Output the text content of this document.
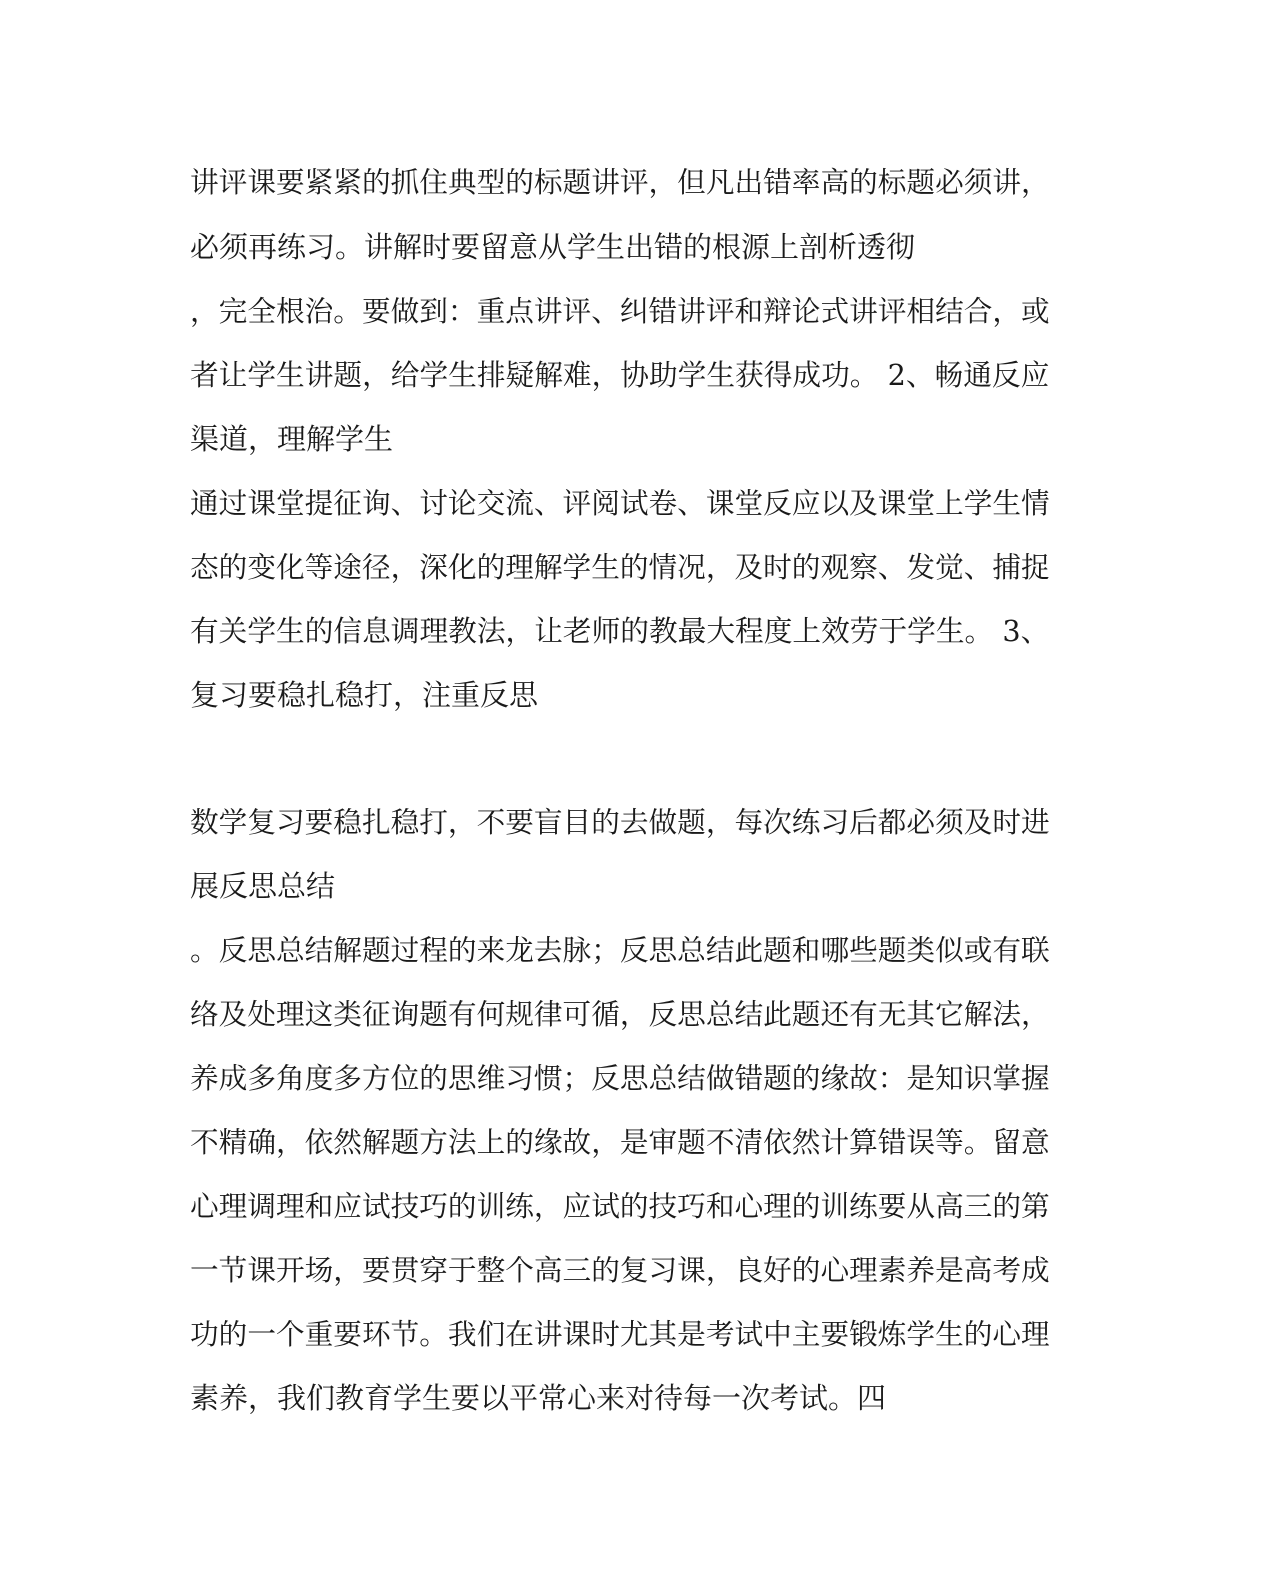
讲评课要紧紧的抓住典型的标题讲评，但凡出错率高的标题必须讲，
必须再练习。讲解时要留意从学生出错的根源上剖析透彻
，完全根治。要做到：重点讲评、纠错讲评和辩论式讲评相结合，或
者让学生讲题，给学生排疑解难，协助学生获得成功。 2、畅通反应
渠道，理解学生
通过课堂提征询、讨论交流、评阅试卷、课堂反应以及课堂上学生情
态的变化等途径，深化的理解学生的情况，及时的观察、发觉、捕捉
有关学生的信息调理教法，让老师的教最大程度上效劳于学生。 3、
复习要稳扎稳打，注重反思
数学复习要稳扎稳打，不要盲目的去做题，每次练习后都必须及时进
展反思总结
。反思总结解题过程的来龙去脉；反思总结此题和哪些题类似或有联
络及处理这类征询题有何规律可循，反思总结此题还有无其它解法，
养成多角度多方位的思维习惯；反思总结做错题的缘故：是知识掌握
不精确，依然解题方法上的缘故，是审题不清依然计算错误等。留意
心理调理和应试技巧的训练，应试的技巧和心理的训练要从高三的第
一节课开场，要贯穿于整个高三的复习课，良好的心理素养是高考成
功的一个重要环节。我们在讲课时尤其是考试中主要锻炼学生的心理
素养，我们教育学生要以平常心来对待每一次考试。四
